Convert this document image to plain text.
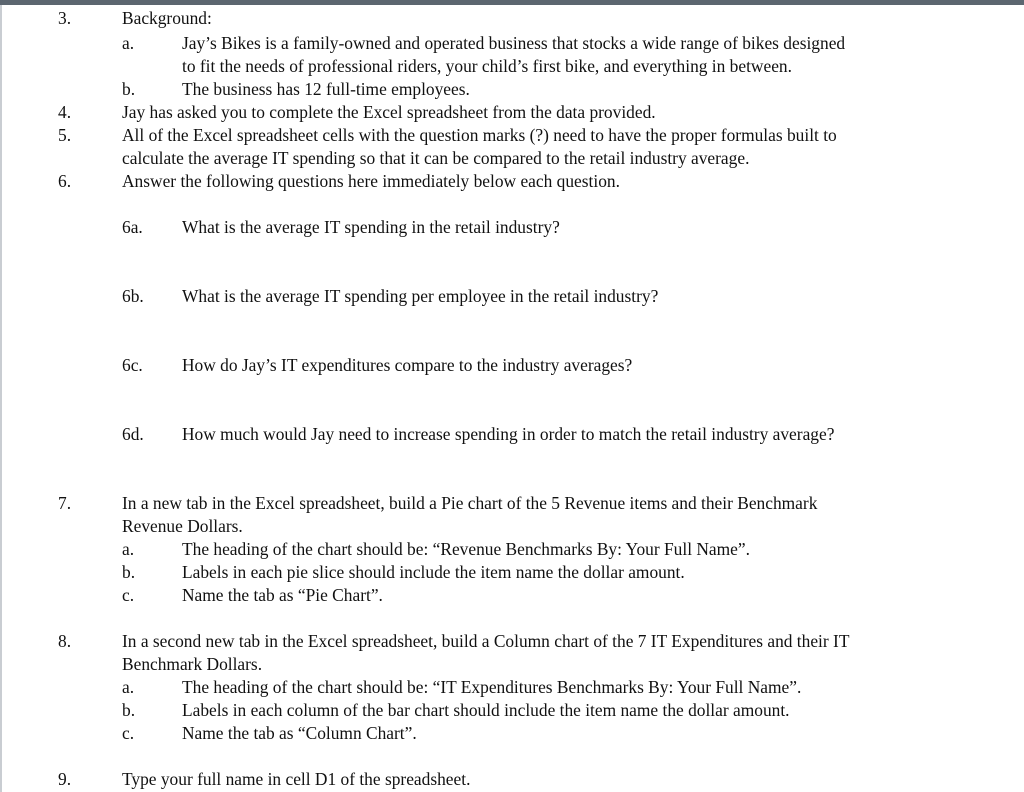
3.	Background:
a.	Jay’s Bikes is a family-owned and operated business that stocks a wide range of bikes designed
to fit the needs of professional riders, your child’s first bike, and everything in between.
b.	The business has 12 full-time employees.
4.	Jay has asked you to complete the Excel spreadsheet from the data provided.
5.	All of the Excel spreadsheet cells with the question marks (?) need to have the proper formulas built to
calculate the average IT spending so that it can be compared to the retail industry average.
6.	Answer the following questions here immediately below each question.
6a. What is the average IT spending in the retail industry?
6b. What is the average IT spending per employee in the retail industry?
6c. How do Jay’s IT expenditures compare to the industry averages?
6d. How much would Jay need to increase spending in order to match the retail industry average?
7.	In a new tab in the Excel spreadsheet, build a Pie chart of the 5 Revenue items and their Benchmark
Revenue Dollars.
a.	The heading of the chart should be: “Revenue Benchmarks By: Your Full Name”.
b.	Labels in each pie slice should include the item name the dollar amount.
c.	Name the tab as “Pie Chart”.
8.	In a second new tab in the Excel spreadsheet, build a Column chart of the 7 IT Expenditures and their IT
Benchmark Dollars.
a.	The heading of the chart should be: “IT Expenditures Benchmarks By: Your Full Name”.
b.	Labels in each column of the bar chart should include the item name the dollar amount.
c.	Name the tab as “Column Chart”.
9.	Type your full name in cell D1 of the spreadsheet.
